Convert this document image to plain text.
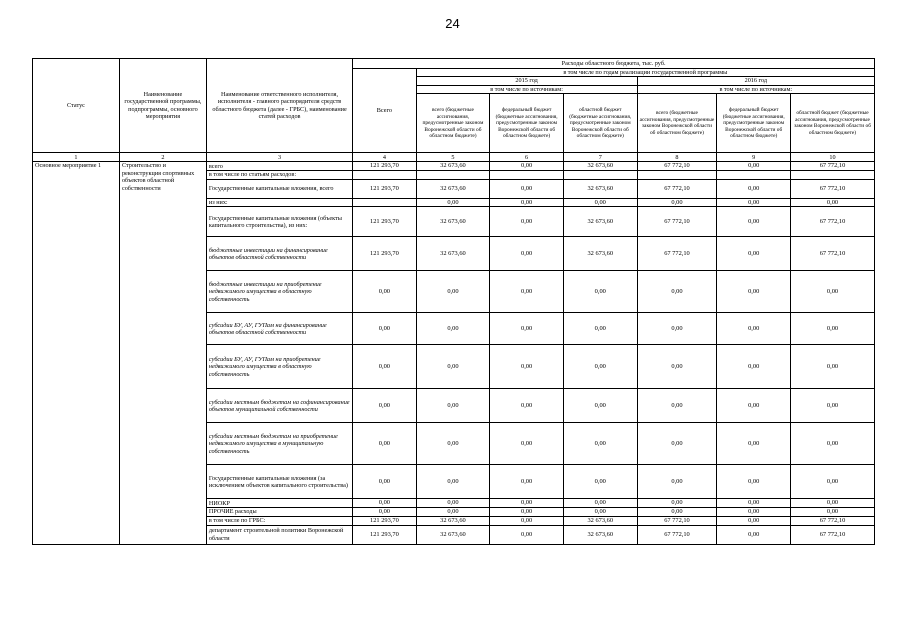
24
Статус	Наименование государственной программы, подпрограммы, основного мероприятия	Наименование ответственного исполнителя, исполнителя - главного распорядителя средств областного бюджета (далее - ГРБС), наименование статей расходов	Расходы областного бюджета, тыс. руб.						
			Всего	в том числе по годам реализации государственной программы					
				2015 год			2016 год		
				в том числе по источникам:			в том числе по источникам:		
				всего (бюджетные ассигнования, предусмотренные законом Воронежской области об областном бюджете)	федеральный бюджет (бюджетные ассигнования, предусмотренные законом Воронежской области об областном бюджете)	областной бюджет (бюджетные ассигнования, предусмотренные законом Воронежской области об областном бюджете)	всего (бюджетные ассигнования, предусмотренные законом Воронежской области об областном бюджете)	федеральный бюджет (бюджетные ассигнования, предусмотренные законом Воронежской области об областном бюджете)	областной бюджет (бюджетные ассигнования, предусмотренные законом Воронежской области об областном бюджете)
1	2	3	4	5	6	7	8	9	10
Основное мероприятие 1	Строительство и реконструкция спортивных объектов областной собственности	всего	121 293,70	32 673,60	0,00	32 673,60	67 772,10	0,00	67 772,10
		в том числе по статьям расходов:							
		Государственные капитальные вложения, всего	121 293,70	32 673,60	0,00	32 673,60	67 772,10	0,00	67 772,10
		из них:		0,00	0,00	0,00	0,00	0,00	0,00
		Государственные капитальные вложения (объекты капитального строительства), из них:	121 293,70	32 673,60	0,00	32 673,60	67 772,10	0,00	67 772,10
		бюджетные инвестиции на финансирование объектов областной собственности	121 293,70	32 673,60	0,00	32 673,60	67 772,10	0,00	67 772,10
		бюджетные инвестиции на приобретение недвижимого имущества в областную собственность	0,00	0,00	0,00	0,00	0,00	0,00	0,00
		субсидии БУ, АУ, ГУПам на финансирование объектов областной собственности	0,00	0,00	0,00	0,00	0,00	0,00	0,00
		субсидии БУ, АУ, ГУПам на приобретение недвижимого имущества в областную собственность	0,00	0,00	0,00	0,00	0,00	0,00	0,00
		субсидии местным бюджетам на софинансирование объектов муниципальной собственности	0,00	0,00	0,00	0,00	0,00	0,00	0,00
		субсидии местным бюджетам на приобретение недвижимого имущества в муниципальную собственность	0,00	0,00	0,00	0,00	0,00	0,00	0,00
		Государственные капитальные вложения (за исключением объектов капитального строительства)	0,00	0,00	0,00	0,00	0,00	0,00	0,00
		НИОКР	0,00	0,00	0,00	0,00	0,00	0,00	0,00
		ПРОЧИЕ расходы	0,00	0,00	0,00	0,00	0,00	0,00	0,00
		в том числе по ГРБС:	121 293,70	32 673,60	0,00	32 673,60	67 772,10	0,00	67 772,10
		департамент строительной политики Воронежской области	121 293,70	32 673,60	0,00	32 673,60	67 772,10	0,00	67 772,10
